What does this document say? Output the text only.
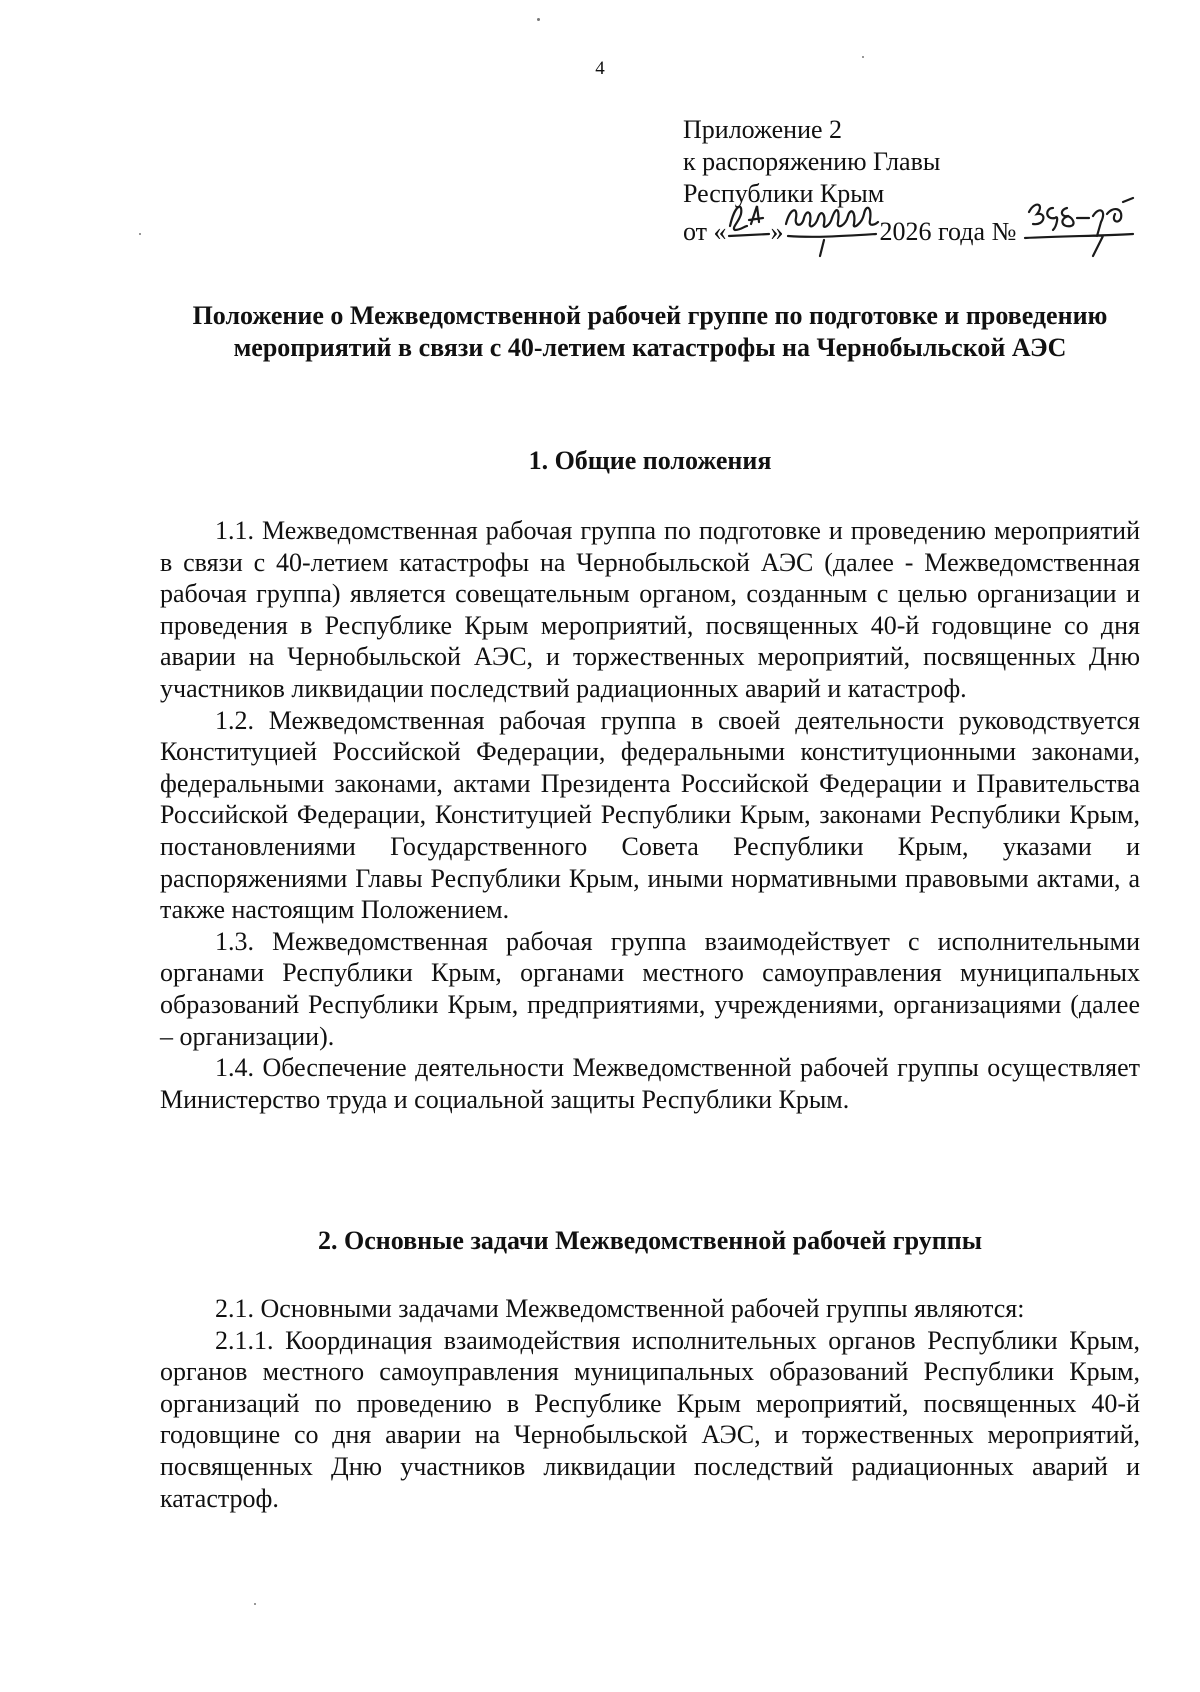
4
Приложение 2
к распоряжению Главы
Республики Крым
от « »	2026 года №
Положение о Межведомственной рабочей группе по подготовке и проведению мероприятий в связи с 40-летием катастрофы на Чернобыльской АЭС
1. Общие положения

1.1. Межведомственная рабочая группа по подготовке и проведению мероприятий в связи с 40-летием катастрофы на Чернобыльской АЭС (далее - Межведомственная рабочая группа) является совещательным органом, созданным с целью организации и проведения в Республике Крым мероприятий, посвященных 40-й годовщине со дня аварии на Чернобыльской АЭС, и торжественных мероприятий, посвященных Дню участников ликвидации последствий радиационных аварий и катастроф.

1.2. Межведомственная рабочая группа в своей деятельности руководствуется Конституцией Российской Федерации, федеральными конституционными законами, федеральными законами, актами Президента Российской Федерации и Правительства Российской Федерации, Конституцией Республики Крым, законами Республики Крым, постановлениями Государственного Совета Республики Крым, указами и распоряжениями Главы Республики Крым, иными нормативными правовыми актами, а также настоящим Положением.

1.3. Межведомственная рабочая группа взаимодействует с исполнительными органами Республики Крым, органами местного самоуправления муниципальных образований Республики Крым, предприятиями, учреждениями, организациями (далее – организации).

1.4. Обеспечение деятельности Межведомственной рабочей группы осуществляет Министерство труда и социальной защиты Республики Крым.

2. Основные задачи Межведомственной рабочей группы

2.1. Основными задачами Межведомственной рабочей группы являются:

2.1.1. Координация взаимодействия исполнительных органов Республики Крым, органов местного самоуправления муниципальных образований Республики Крым, организаций по проведению в Республике Крым мероприятий, посвященных 40-й годовщине со дня аварии на Чернобыльской АЭС, и торжественных мероприятий, посвященных Дню участников ликвидации последствий радиационных аварий и катастроф.
